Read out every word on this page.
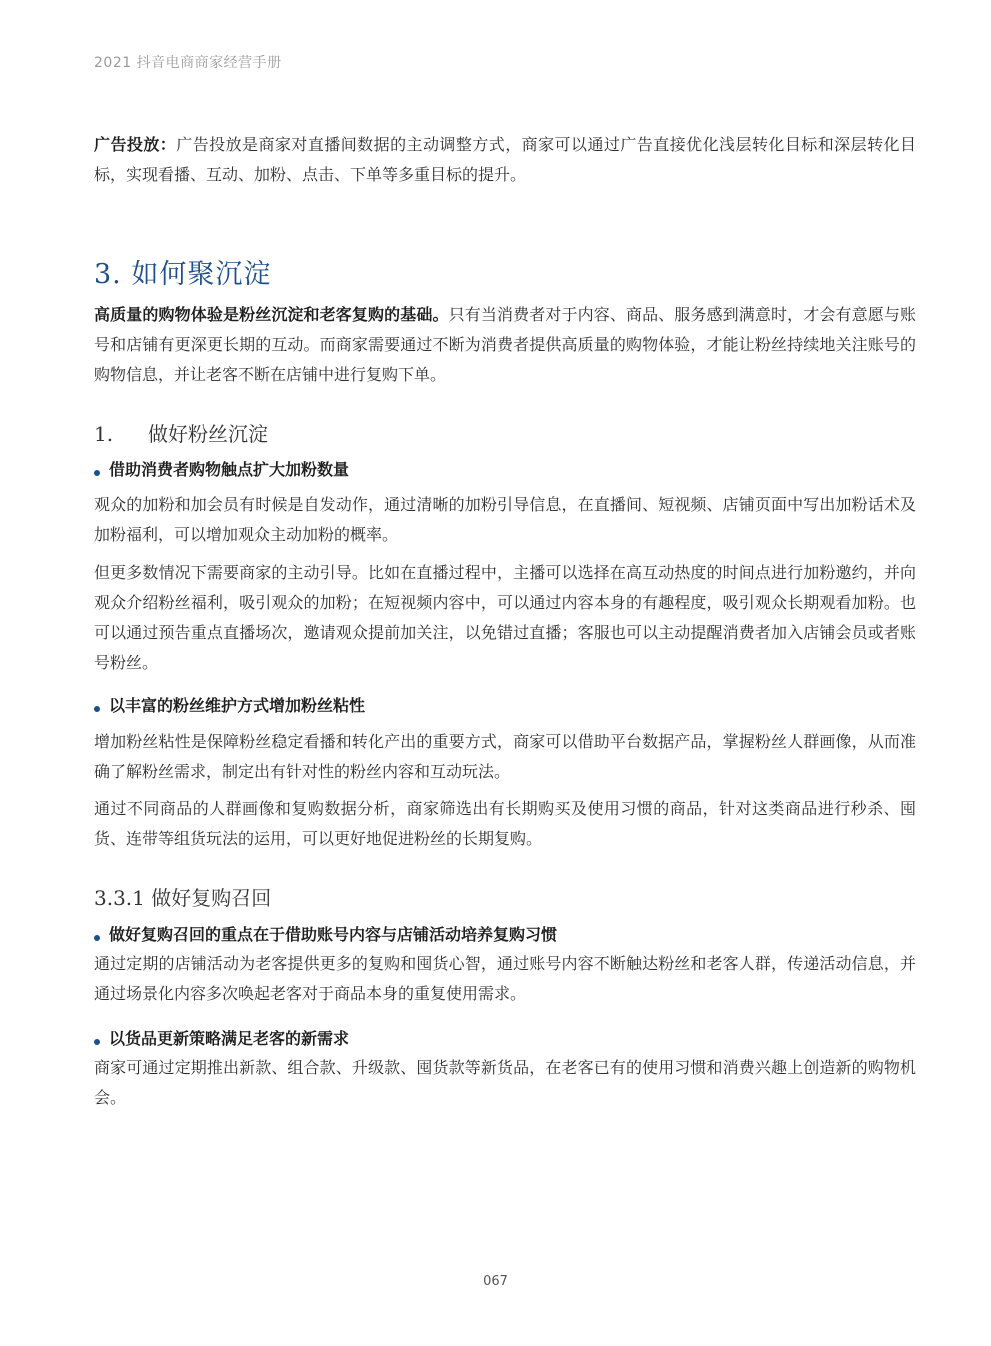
2021 抖音电商商家经营手册

广告投放：广告投放是商家对直播间数据的主动调整方式，商家可以通过广告直接优化浅层转化目标和深层转化目标，实现看播、互动、加粉、点击、下单等多重目标的提升。

3. 如何聚沉淀

高质量的购物体验是粉丝沉淀和老客复购的基础。只有当消费者对于内容、商品、服务感到满意时，才会有意愿与账号和店铺有更深更长期的互动。而商家需要通过不断为消费者提供高质量的购物体验，才能让粉丝持续地关注账号的购物信息，并让老客不断在店铺中进行复购下单。

1. 做好粉丝沉淀
借助消费者购物触点扩大加粉数量

观众的加粉和加会员有时候是自发动作，通过清晰的加粉引导信息，在直播间、短视频、店铺页面中写出加粉话术及加粉福利，可以增加观众主动加粉的概率。

但更多数情况下需要商家的主动引导。比如在直播过程中，主播可以选择在高互动热度的时间点进行加粉邀约，并向观众介绍粉丝福利，吸引观众的加粉；在短视频内容中，可以通过内容本身的有趣程度，吸引观众长期观看加粉。也可以通过预告重点直播场次，邀请观众提前加关注，以免错过直播；客服也可以主动提醒消费者加入店铺会员或者账号粉丝。

以丰富的粉丝维护方式增加粉丝粘性

增加粉丝粘性是保障粉丝稳定看播和转化产出的重要方式，商家可以借助平台数据产品，掌握粉丝人群画像，从而准确了解粉丝需求，制定出有针对性的粉丝内容和互动玩法。

通过不同商品的人群画像和复购数据分析，商家筛选出有长期购买及使用习惯的商品，针对这类商品进行秒杀、囤货、连带等组货玩法的运用，可以更好地促进粉丝的长期复购。

3.3.1 做好复购召回
做好复购召回的重点在于借助账号内容与店铺活动培养复购习惯

通过定期的店铺活动为老客提供更多的复购和囤货心智，通过账号内容不断触达粉丝和老客人群，传递活动信息，并通过场景化内容多次唤起老客对于商品本身的重复使用需求。

以货品更新策略满足老客的新需求

商家可通过定期推出新款、组合款、升级款、囤货款等新货品，在老客已有的使用习惯和消费兴趣上创造新的购物机会。

067
